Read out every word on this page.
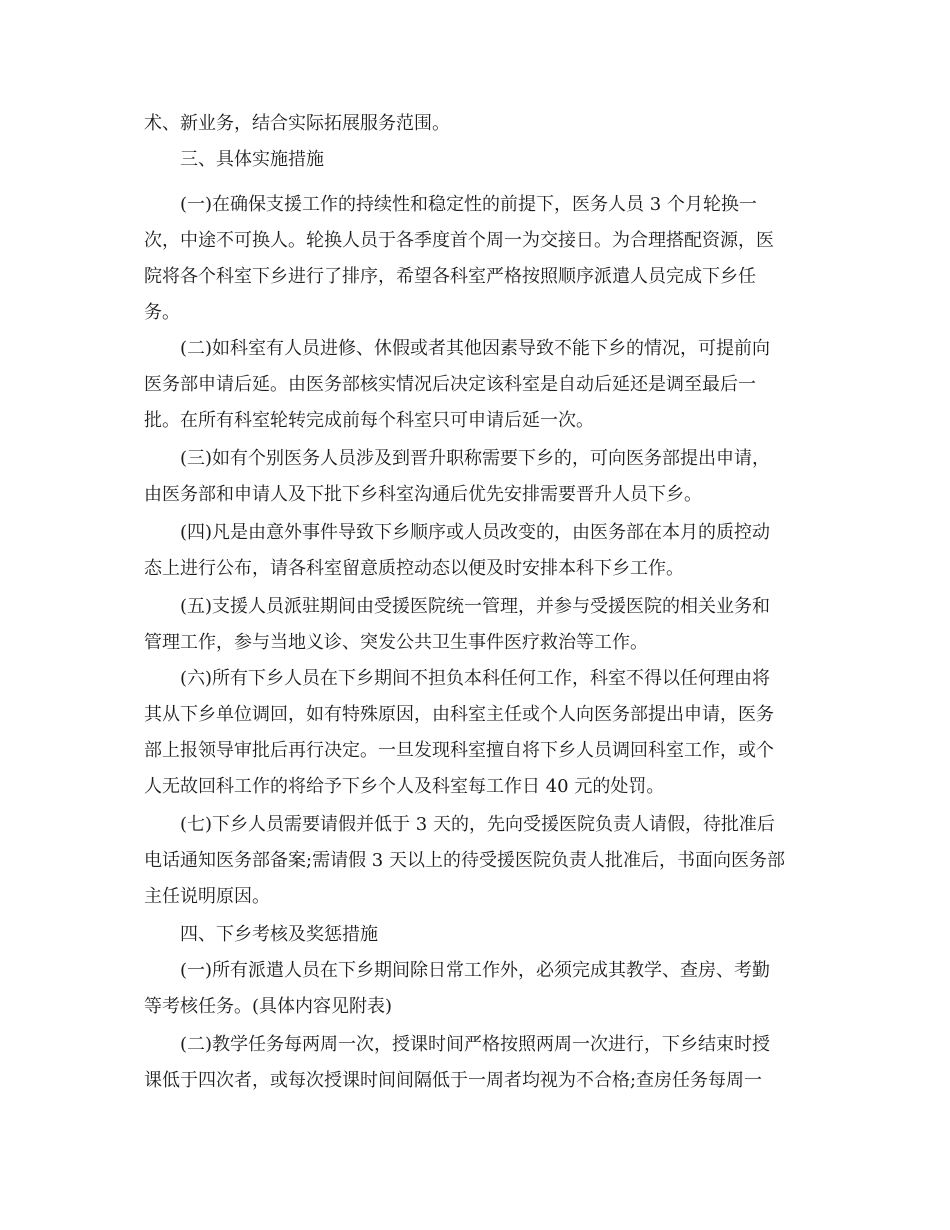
术、新业务，结合实际拓展服务范围。
三、具体实施措施
(一)在确保支援工作的持续性和稳定性的前提下，医务人员 3 个月轮换一
次，中途不可换人。轮换人员于各季度首个周一为交接日。为合理搭配资源，医
院将各个科室下乡进行了排序，希望各科室严格按照顺序派遣人员完成下乡任
务。
(二)如科室有人员进修、休假或者其他因素导致不能下乡的情况，可提前向
医务部申请后延。由医务部核实情况后决定该科室是自动后延还是调至最后一
批。在所有科室轮转完成前每个科室只可申请后延一次。
(三)如有个别医务人员涉及到晋升职称需要下乡的，可向医务部提出申请，
由医务部和申请人及下批下乡科室沟通后优先安排需要晋升人员下乡。
(四)凡是由意外事件导致下乡顺序或人员改变的，由医务部在本月的质控动
态上进行公布，请各科室留意质控动态以便及时安排本科下乡工作。
(五)支援人员派驻期间由受援医院统一管理，并参与受援医院的相关业务和
管理工作，参与当地义诊、突发公共卫生事件医疗救治等工作。
(六)所有下乡人员在下乡期间不担负本科任何工作，科室不得以任何理由将
其从下乡单位调回，如有特殊原因，由科室主任或个人向医务部提出申请，医务
部上报领导审批后再行决定。一旦发现科室擅自将下乡人员调回科室工作，或个
人无故回科工作的将给予下乡个人及科室每工作日 40 元的处罚。
(七)下乡人员需要请假并低于 3 天的，先向受援医院负责人请假，待批准后
电话通知医务部备案;需请假 3 天以上的待受援医院负责人批准后，书面向医务部
主任说明原因。
四、下乡考核及奖惩措施
(一)所有派遣人员在下乡期间除日常工作外，必须完成其教学、查房、考勤
等考核任务。(具体内容见附表)
(二)教学任务每两周一次，授课时间严格按照两周一次进行，下乡结束时授
课低于四次者，或每次授课时间间隔低于一周者均视为不合格;查房任务每周一
